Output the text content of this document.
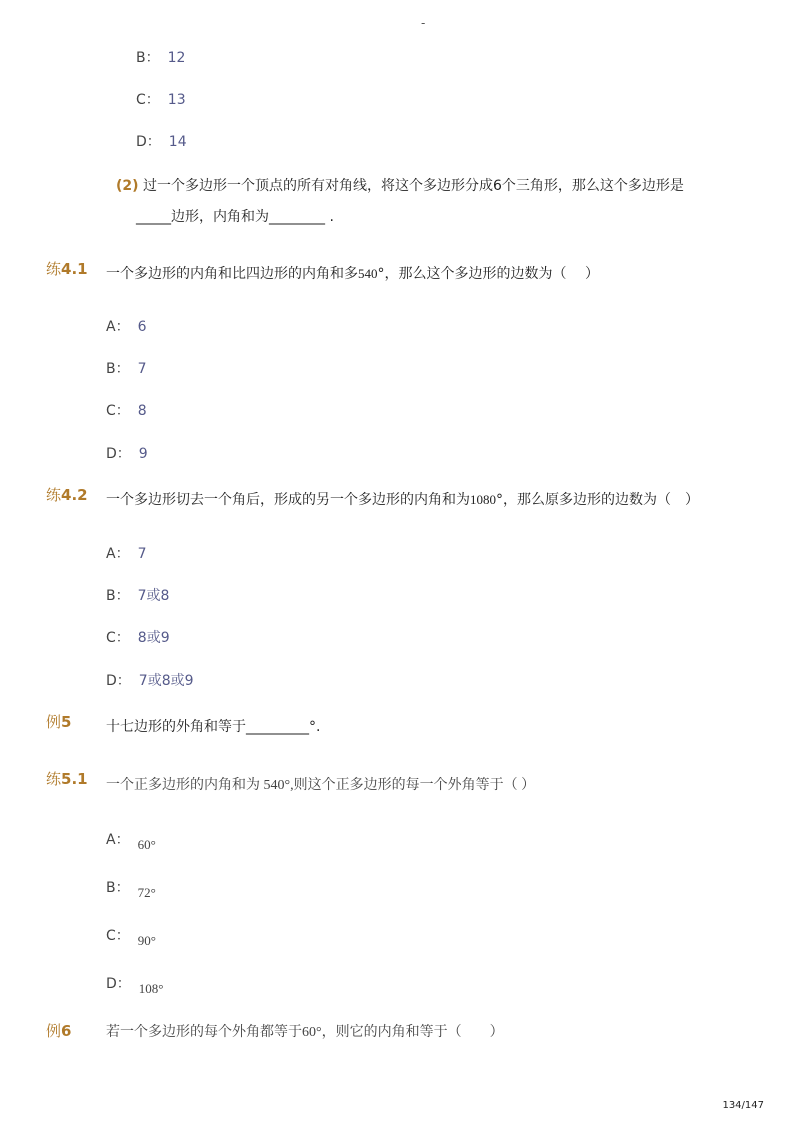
-
B： 12
C： 13
D： 14
(2) 过一个多边形一个顶点的所有对角线，将这个多边形分成6个三角形，那么这个多边形是
_____边形，内角和为________ .
练4.1 一个多边形的内角和比四边形的内角和多540°，那么这个多边形的边数为（　 ）
A： 6
B： 7
C： 8
D： 9
练4.2 一个多边形切去一个角后，形成的另一个多边形的内角和为1080°，那么原多边形的边数为（　）
A： 7
B： 7或8
C： 8或9
D： 7或8或9
例5 十七边形的外角和等于_________°.
练5.1 一个正多边形的内角和为 540°,则这个正多边形的每一个外角等于（ ）
A： 60°
B： 72°
C： 90°
D： 108°
例6 若一个多边形的每个外角都等于60°，则它的内角和等于（　　）
134/147
